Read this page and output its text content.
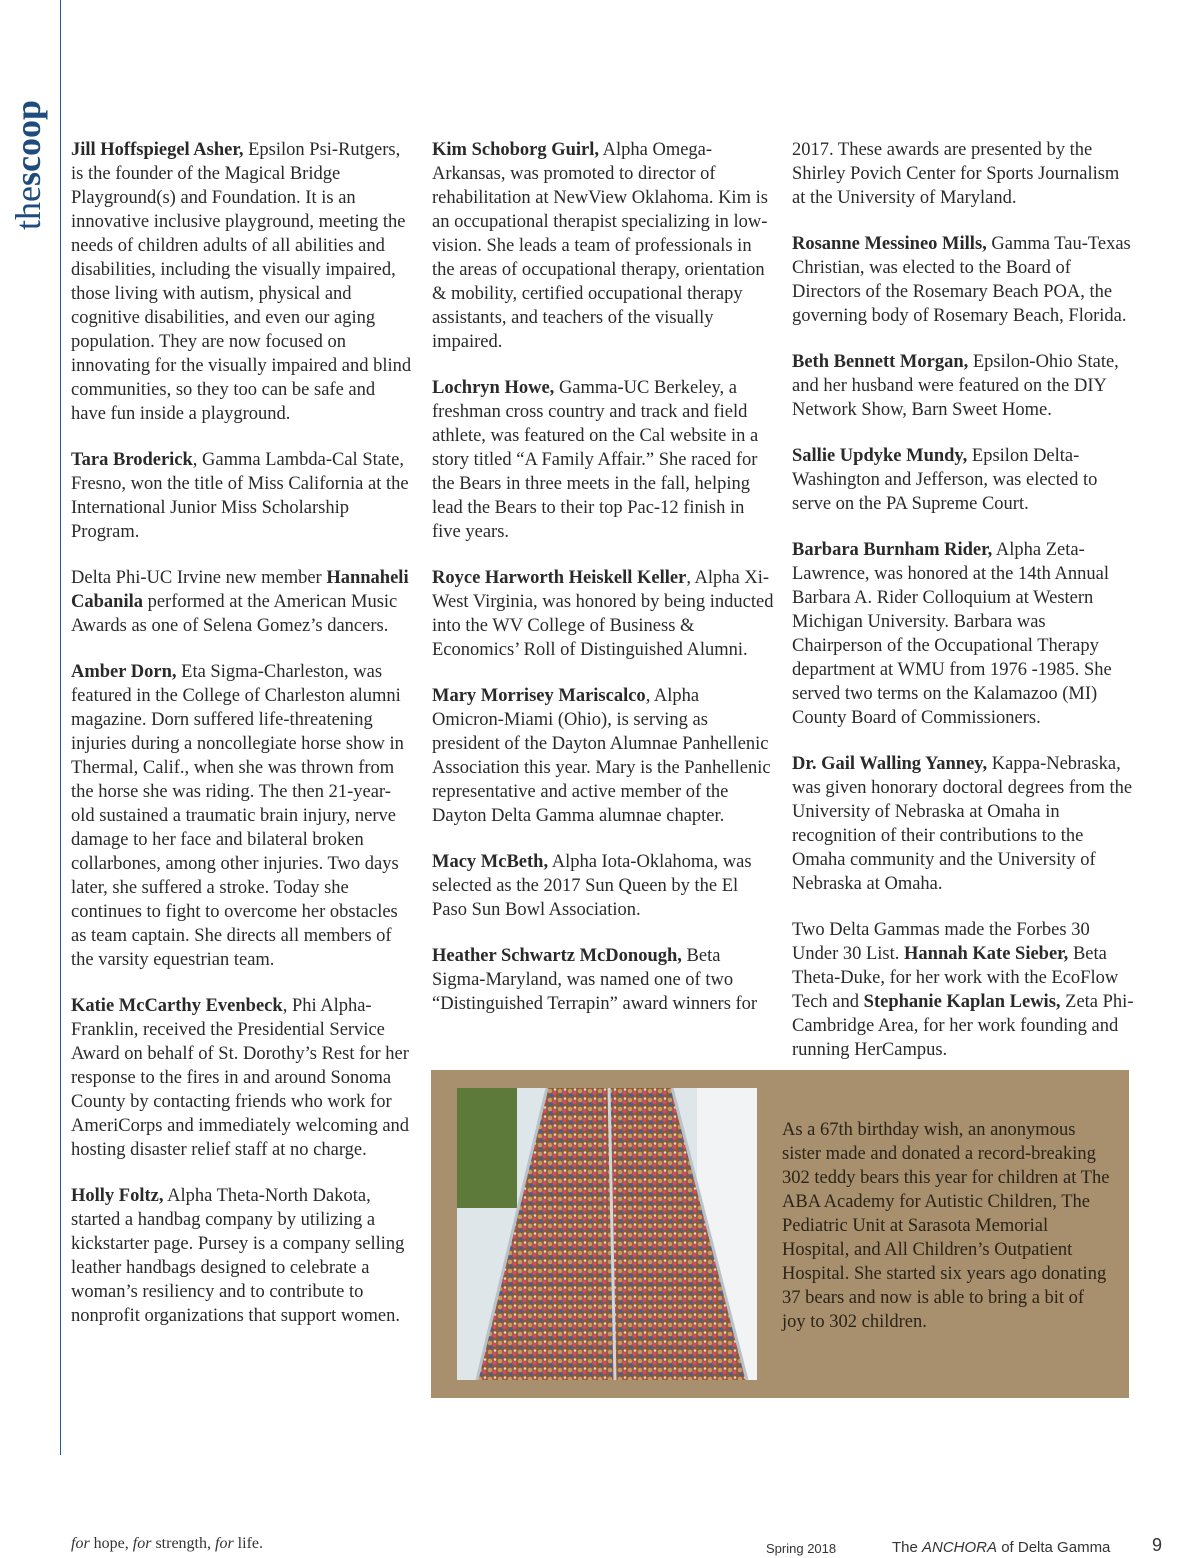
thescoop Jill Hoffspiegel Asher, Epsilon Psi-Rutgers, is the founder of the Magical Bridge Playground(s) and Foundation. It is an innovative inclusive playground, meeting the needs of children adults of all abilities and disabilities, including the visually impaired, those living with autism, physical and cognitive disabilities, and even our aging population. They are now focused on innovating for the visually impaired and blind communities, so they too can be safe and have fun inside a playground.

Tara Broderick, Gamma Lambda-Cal State, Fresno, won the title of Miss California at the International Junior Miss Scholarship Program.

Delta Phi-UC Irvine new member Hannaheli Cabanila performed at the American Music Awards as one of Selena Gomez’s dancers.

Amber Dorn, Eta Sigma-Charleston, was featured in the College of Charleston alumni magazine. Dorn suffered life-threatening injuries during a noncollegiate horse show in Thermal, Calif., when she was thrown from the horse she was riding. The then 21-year-old sustained a traumatic brain injury, nerve damage to her face and bilateral broken collarbones, among other injuries. Two days later, she suffered a stroke. Today she continues to fight to overcome her obstacles as team captain. She directs all members of the varsity equestrian team.

Katie McCarthy Evenbeck, Phi Alpha-Franklin, received the Presidential Service Award on behalf of St. Dorothy’s Rest for her response to the fires in and around Sonoma County by contacting friends who work for AmeriCorps and immediately welcoming and hosting disaster relief staff at no charge.

Holly Foltz, Alpha Theta-North Dakota, started a handbag company by utilizing a kickstarter page. Pursey is a company selling leather handbags designed to celebrate a woman’s resiliency and to contribute to nonprofit organizations that support women.

Kim Schoborg Guirl, Alpha Omega-Arkansas, was promoted to director of rehabilitation at NewView Oklahoma. Kim is an occupational therapist specializing in low-vision. She leads a team of professionals in the areas of occupational therapy, orientation & mobility, certified occupational therapy assistants, and teachers of the visually impaired.

Lochryn Howe, Gamma-UC Berkeley, a freshman cross country and track and field athlete, was featured on the Cal website in a story titled “A Family Affair.” She raced for the Bears in three meets in the fall, helping lead the Bears to their top Pac-12 finish in five years.

Royce Harworth Heiskell Keller, Alpha Xi-West Virginia, was honored by being inducted into the WV College of Business & Economics’ Roll of Distinguished Alumni.

Mary Morrisey Mariscalco, Alpha Omicron-Miami (Ohio), is serving as president of the Dayton Alumnae Panhellenic Association this year. Mary is the Panhellenic representative and active member of the Dayton Delta Gamma alumnae chapter.

Macy McBeth, Alpha Iota-Oklahoma, was selected as the 2017 Sun Queen by the El Paso Sun Bowl Association.

Heather Schwartz McDonough, Beta Sigma-Maryland, was named one of two “Distinguished Terrapin” award winners for

2017. These awards are presented by the Shirley Povich Center for Sports Journalism at the University of Maryland.

Rosanne Messineo Mills, Gamma Tau-Texas Christian, was elected to the Board of Directors of the Rosemary Beach POA, the governing body of Rosemary Beach, Florida.

Beth Bennett Morgan, Epsilon-Ohio State, and her husband were featured on the DIY Network Show, Barn Sweet Home.

Sallie Updyke Mundy, Epsilon Delta-Washington and Jefferson, was elected to serve on the PA Supreme Court.

Barbara Burnham Rider, Alpha Zeta-Lawrence, was honored at the 14th Annual Barbara A. Rider Colloquium at Western Michigan University. Barbara was Chairperson of the Occupational Therapy department at WMU from 1976 -1985. She served two terms on the Kalamazoo (MI) County Board of Commissioners.

Dr. Gail Walling Yanney, Kappa-Nebraska, was given honorary doctoral degrees from the University of Nebraska at Omaha in recognition of their contributions to the Omaha community and the University of Nebraska at Omaha.

Two Delta Gammas made the Forbes 30 Under 30 List. Hannah Kate Sieber, Beta Theta-Duke, for her work with the EcoFlow Tech and Stephanie Kaplan Lewis, Zeta Phi-Cambridge Area, for her work founding and running HerCampus.

As a 67th birthday wish, an anonymous sister made and donated a record-breaking 302 teddy bears this year for children at The ABA Academy for Autistic Children, The Pediatric Unit at Sarasota Memorial Hospital, and All Children’s Outpatient Hospital. She started six years ago donating 37 bears and now is able to bring a bit of joy to 302 children.
for hope, for strength, for life.	Spring 2018	The ANCHORA of Delta Gamma 9
